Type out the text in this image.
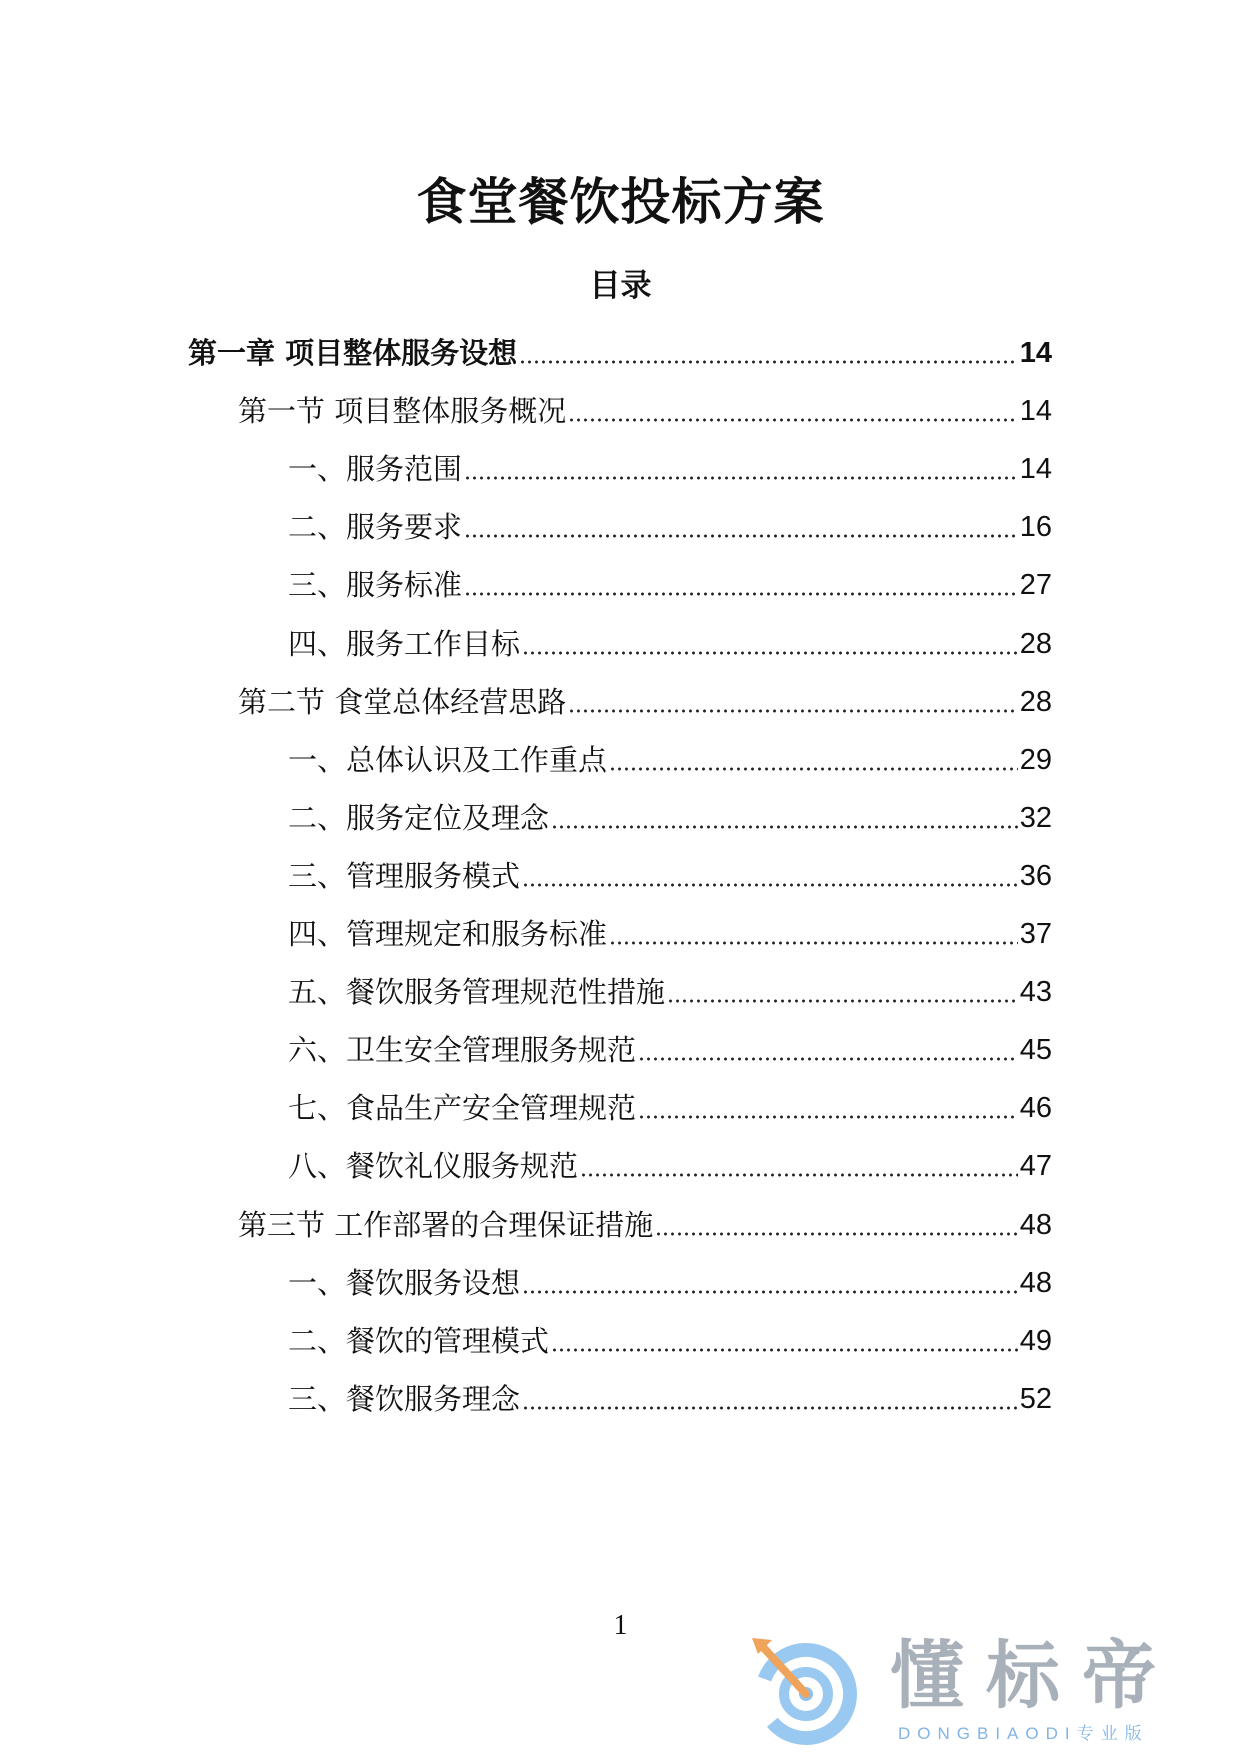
食堂餐饮投标方案
目录
第一章 项目整体服务设想	14
第一节 项目整体服务概况	14
一、服务范围	14
二、服务要求	16
三、服务标准	27
四、服务工作目标	28
第二节 食堂总体经营思路	28
一、总体认识及工作重点	29
二、服务定位及理念	32
三、管理服务模式	36
四、管理规定和服务标准	37
五、餐饮服务管理规范性措施	43
六、卫生安全管理服务规范	45
七、食品生产安全管理规范	46
八、餐饮礼仪服务规范	47
第三节 工作部署的合理保证措施	48
一、餐饮服务设想	48
二、餐饮的管理模式	49
三、餐饮服务理念	52
1
懂标帝
DONGBIAODI专业版
